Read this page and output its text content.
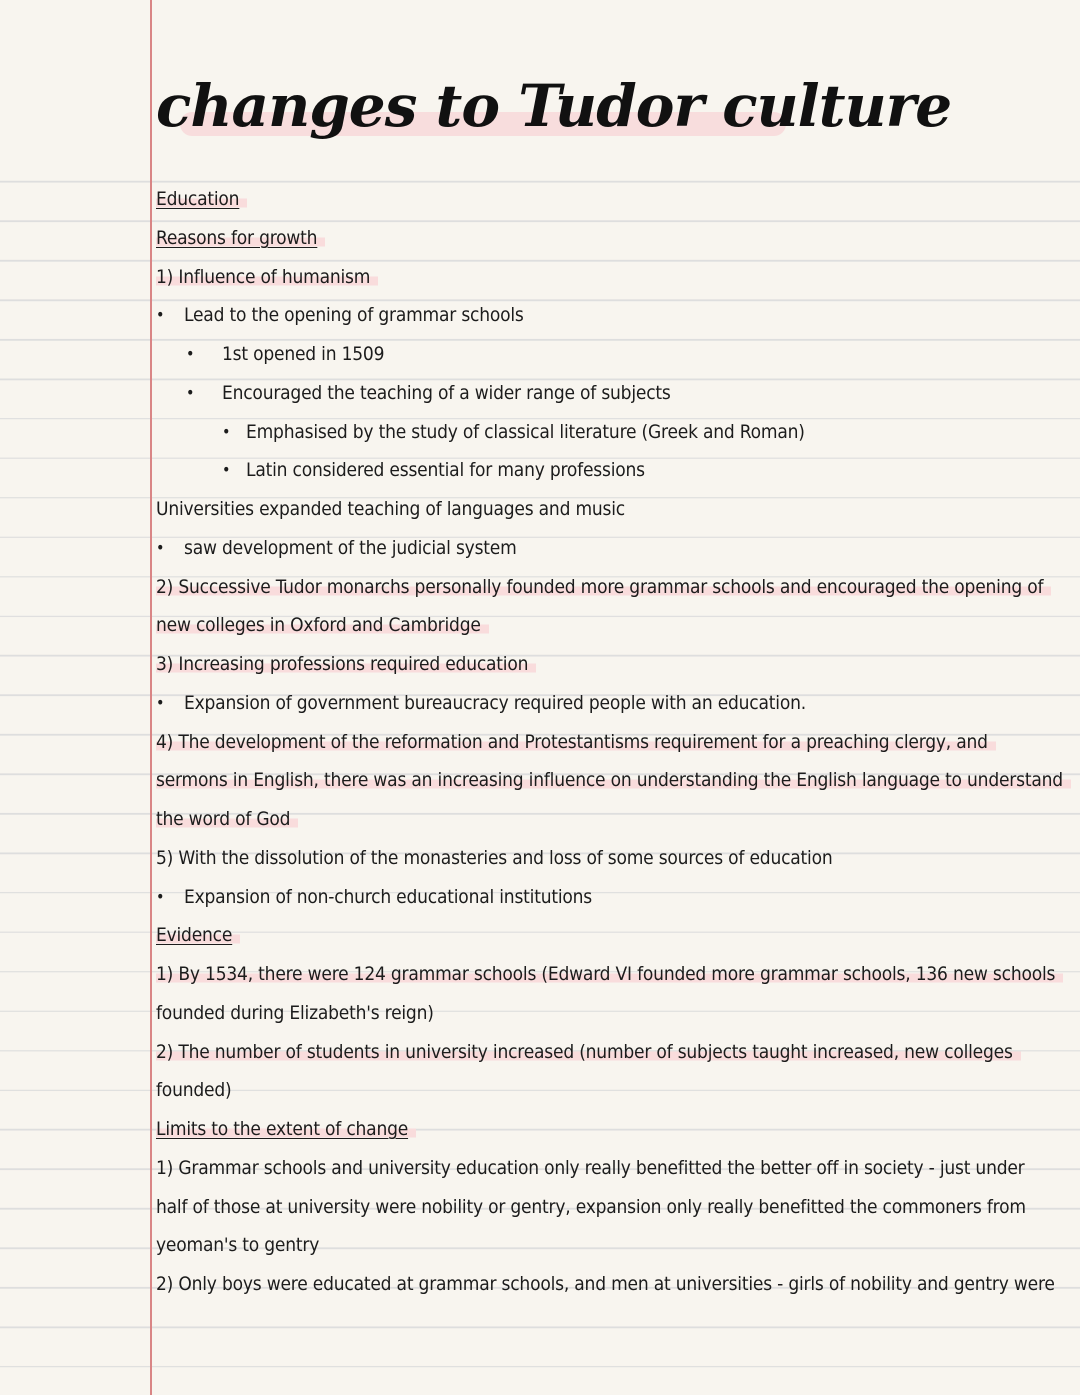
changes to Tudor culture
Education
Reasons for growth
1) Influence of humanism
• Lead to the opening of grammar schools
• 1st opened in 1509
• Encouraged the teaching of a wider range of subjects
• Emphasised by the study of classical literature (Greek and Roman)
• Latin considered essential for many professions
Universities expanded teaching of languages and music
• saw development of the judicial system
2) Successive Tudor monarchs personally founded more grammar schools and encouraged the opening of
new colleges in Oxford and Cambridge
3) Increasing professions required education
• Expansion of government bureaucracy required people with an education.
4) The development of the reformation and Protestantisms requirement for a preaching clergy, and
sermons in English, there was an increasing influence on understanding the English language to understand
the word of God
5) With the dissolution of the monasteries and loss of some sources of education
• Expansion of non-church educational institutions
Evidence
1) By 1534, there were 124 grammar schools (Edward VI founded more grammar schools, 136 new schools
founded during Elizabeth's reign)
2) The number of students in university increased (number of subjects taught increased, new colleges
founded)
Limits to the extent of change
1) Grammar schools and university education only really benefitted the better off in society - just under
half of those at university were nobility or gentry, expansion only really benefitted the commoners from
yeoman's to gentry
2) Only boys were educated at grammar schools, and men at universities - girls of nobility and gentry were
